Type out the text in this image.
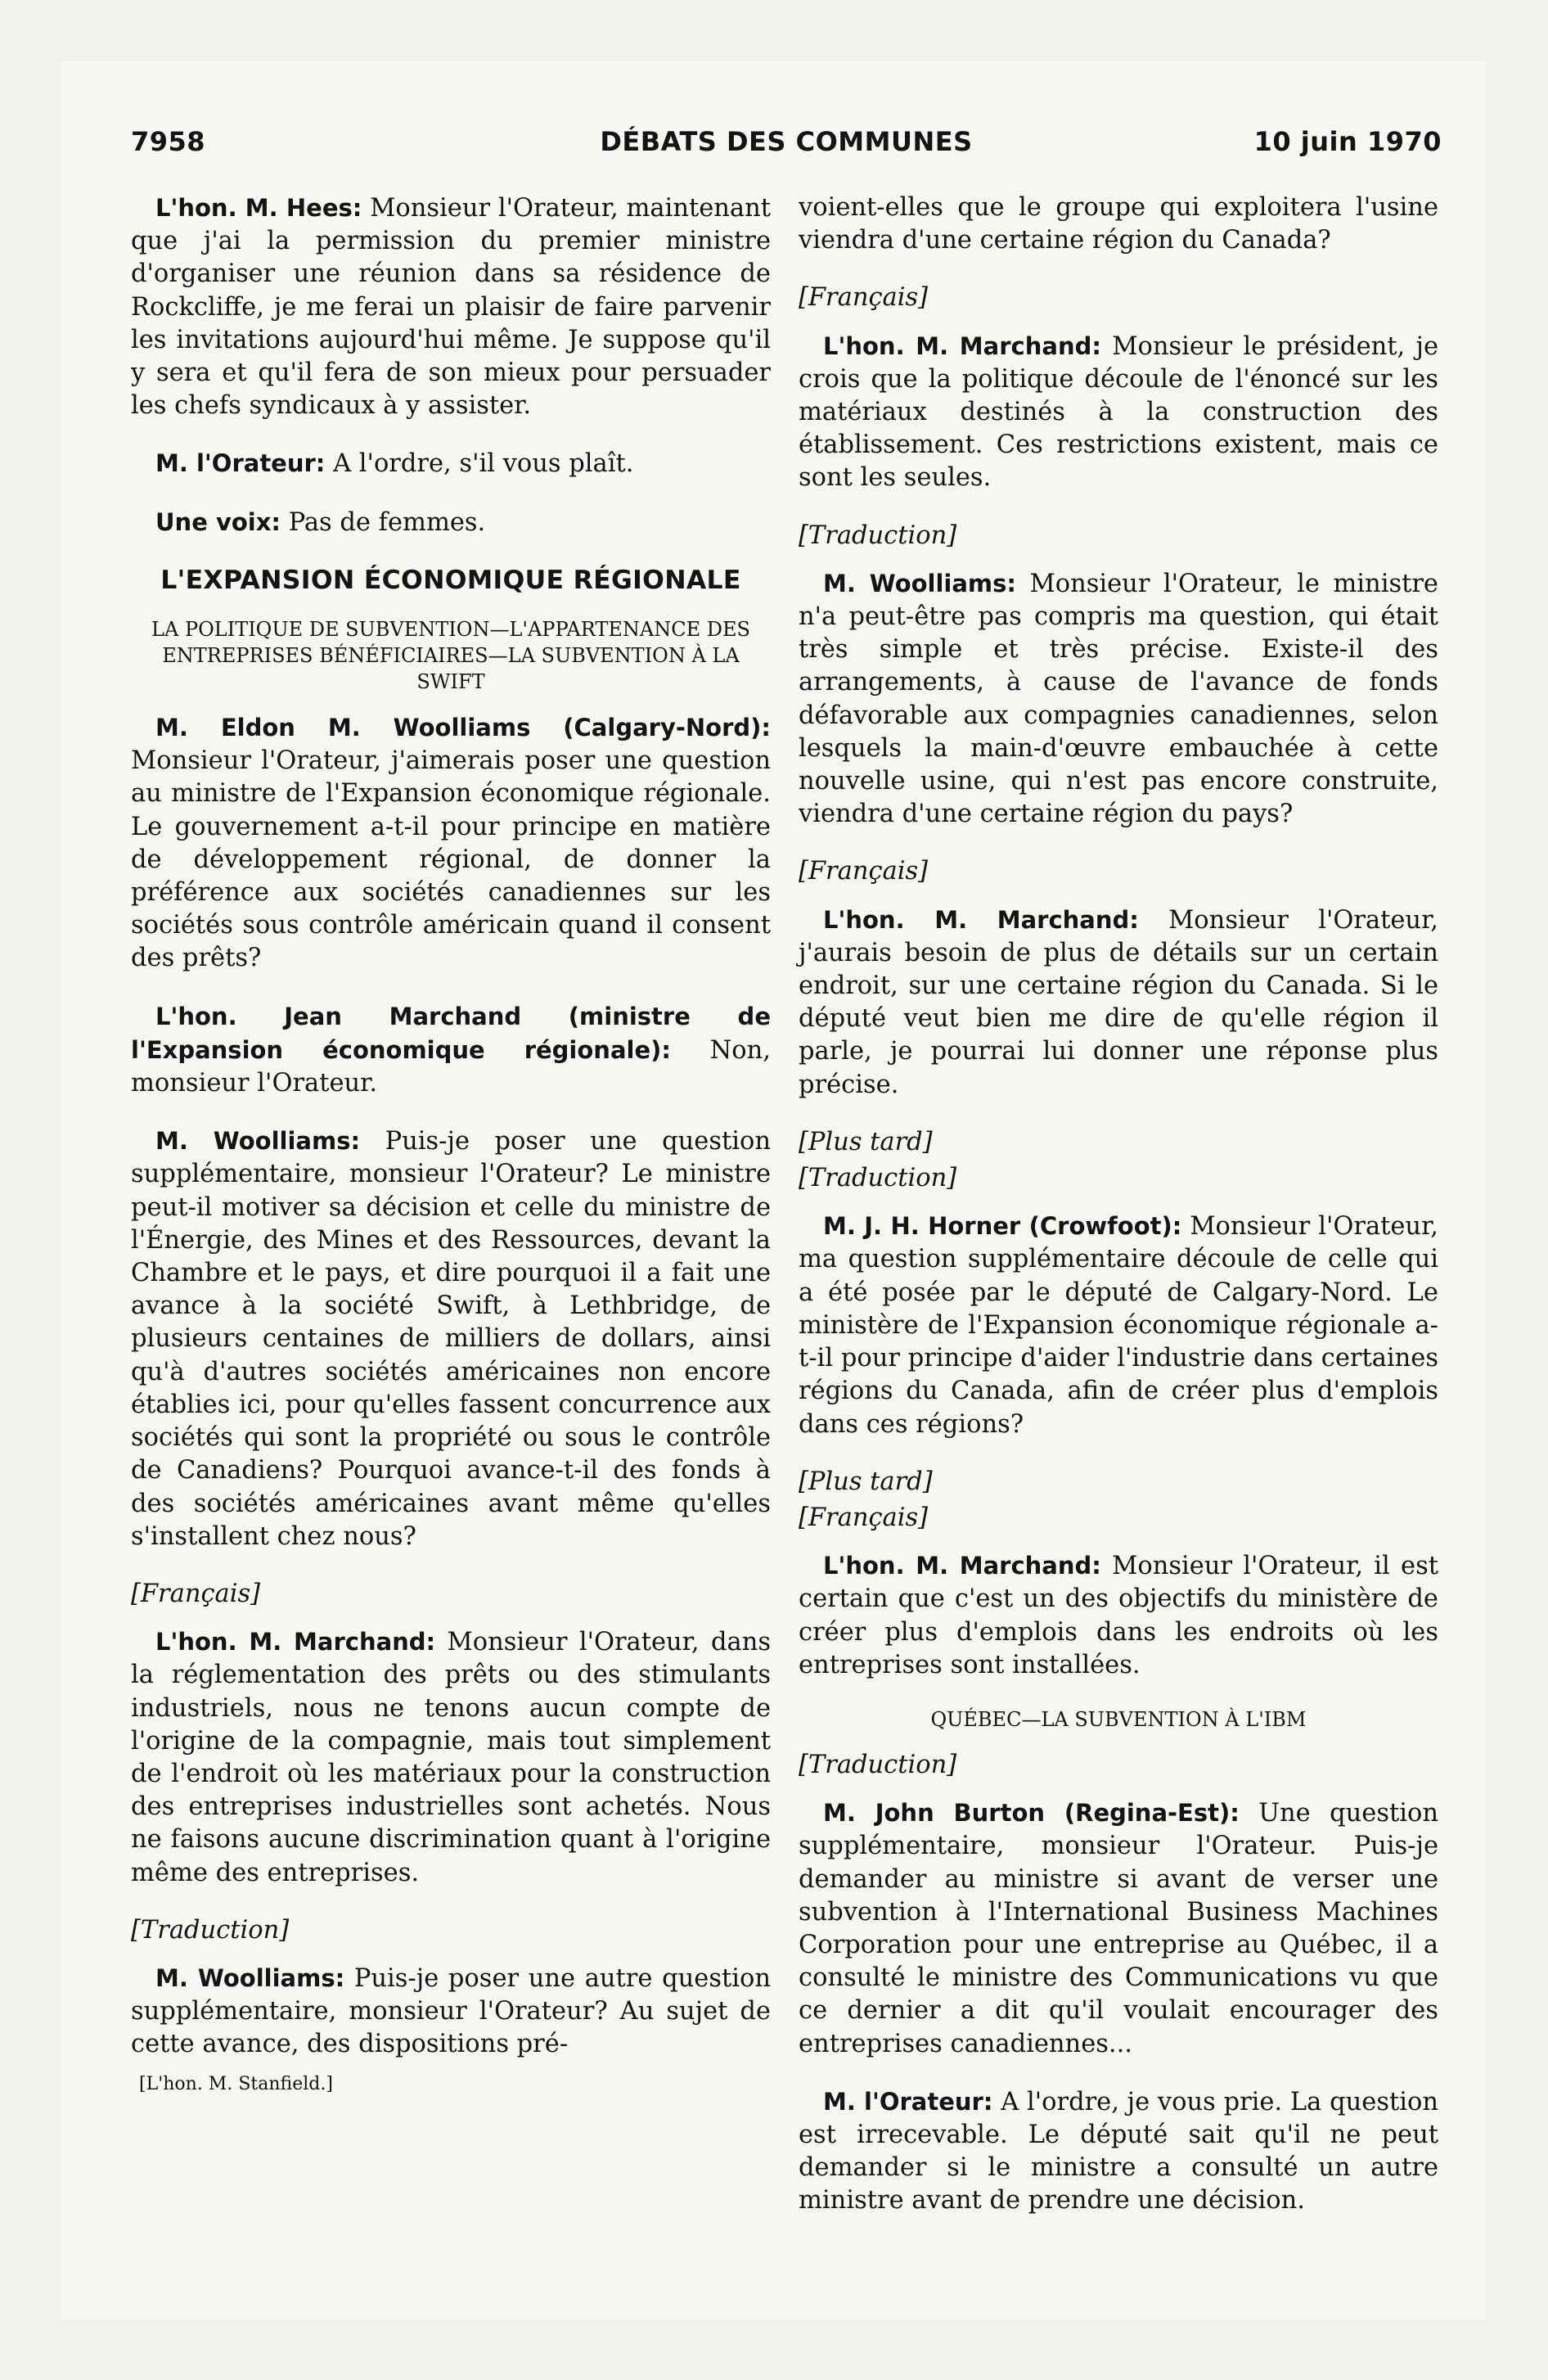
7958	DÉBATS DES COMMUNES	10 juin 1970

L'hon. M. Hees: Monsieur l'Orateur, maintenant que j'ai la permission du premier ministre d'organiser une réunion dans sa résidence de Rockcliffe, je me ferai un plaisir de faire parvenir les invitations aujourd'hui même. Je suppose qu'il y sera et qu'il fera de son mieux pour persuader les chefs syndicaux à y assister.

M. l'Orateur: A l'ordre, s'il vous plaît.

Une voix: Pas de femmes.

L'EXPANSION ÉCONOMIQUE RÉGIONALE
LA POLITIQUE DE SUBVENTION—L'APPARTENANCE DES ENTREPRISES BÉNÉFICIAIRES—LA SUBVENTION À LA SWIFT

M. Eldon M. Woolliams (Calgary-Nord): Monsieur l'Orateur, j'aimerais poser une question au ministre de l'Expansion économique régionale. Le gouvernement a-t-il pour principe en matière de développement régional, de donner la préférence aux sociétés canadiennes sur les sociétés sous contrôle américain quand il consent des prêts?

L'hon. Jean Marchand (ministre de l'Expansion économique régionale): Non, monsieur l'Orateur.

M. Woolliams: Puis-je poser une question supplémentaire, monsieur l'Orateur? Le ministre peut-il motiver sa décision et celle du ministre de l'Énergie, des Mines et des Ressources, devant la Chambre et le pays, et dire pourquoi il a fait une avance à la société Swift, à Lethbridge, de plusieurs centaines de milliers de dollars, ainsi qu'à d'autres sociétés américaines non encore établies ici, pour qu'elles fassent concurrence aux sociétés qui sont la propriété ou sous le contrôle de Canadiens? Pourquoi avance-t-il des fonds à des sociétés américaines avant même qu'elles s'installent chez nous?

[Français]

L'hon. M. Marchand: Monsieur l'Orateur, dans la réglementation des prêts ou des stimulants industriels, nous ne tenons aucun compte de l'origine de la compagnie, mais tout simplement de l'endroit où les matériaux pour la construction des entreprises industrielles sont achetés. Nous ne faisons aucune discrimination quant à l'origine même des entreprises.

[Traduction]

M. Woolliams: Puis-je poser une autre question supplémentaire, monsieur l'Orateur? Au sujet de cette avance, des dispositions pré-

[L'hon. M. Stanfield.]

voient-elles que le groupe qui exploitera l'usine viendra d'une certaine région du Canada?

[Français]

L'hon. M. Marchand: Monsieur le président, je crois que la politique découle de l'énoncé sur les matériaux destinés à la construction des établissement. Ces restrictions existent, mais ce sont les seules.

[Traduction]

M. Woolliams: Monsieur l'Orateur, le ministre n'a peut-être pas compris ma question, qui était très simple et très précise. Existe-il des arrangements, à cause de l'avance de fonds défavorable aux compagnies canadiennes, selon lesquels la main-d'œuvre embauchée à cette nouvelle usine, qui n'est pas encore construite, viendra d'une certaine région du pays?

[Français]

L'hon. M. Marchand: Monsieur l'Orateur, j'aurais besoin de plus de détails sur un certain endroit, sur une certaine région du Canada. Si le député veut bien me dire de qu'elle région il parle, je pourrai lui donner une réponse plus précise.

[Plus tard]
[Traduction]

M. J. H. Horner (Crowfoot): Monsieur l'Orateur, ma question supplémentaire découle de celle qui a été posée par le député de Calgary-Nord. Le ministère de l'Expansion économique régionale a-t-il pour principe d'aider l'industrie dans certaines régions du Canada, afin de créer plus d'emplois dans ces régions?

[Plus tard]
[Français]

L'hon. M. Marchand: Monsieur l'Orateur, il est certain que c'est un des objectifs du ministère de créer plus d'emplois dans les endroits où les entreprises sont installées.

QUÉBEC—LA SUBVENTION À L'IBM
[Traduction]

M. John Burton (Regina-Est): Une question supplémentaire, monsieur l'Orateur. Puis-je demander au ministre si avant de verser une subvention à l'International Business Machines Corporation pour une entreprise au Québec, il a consulté le ministre des Communications vu que ce dernier a dit qu'il voulait encourager des entreprises canadiennes...

M. l'Orateur: A l'ordre, je vous prie. La question est irrecevable. Le député sait qu'il ne peut demander si le ministre a consulté un autre ministre avant de prendre une décision.
